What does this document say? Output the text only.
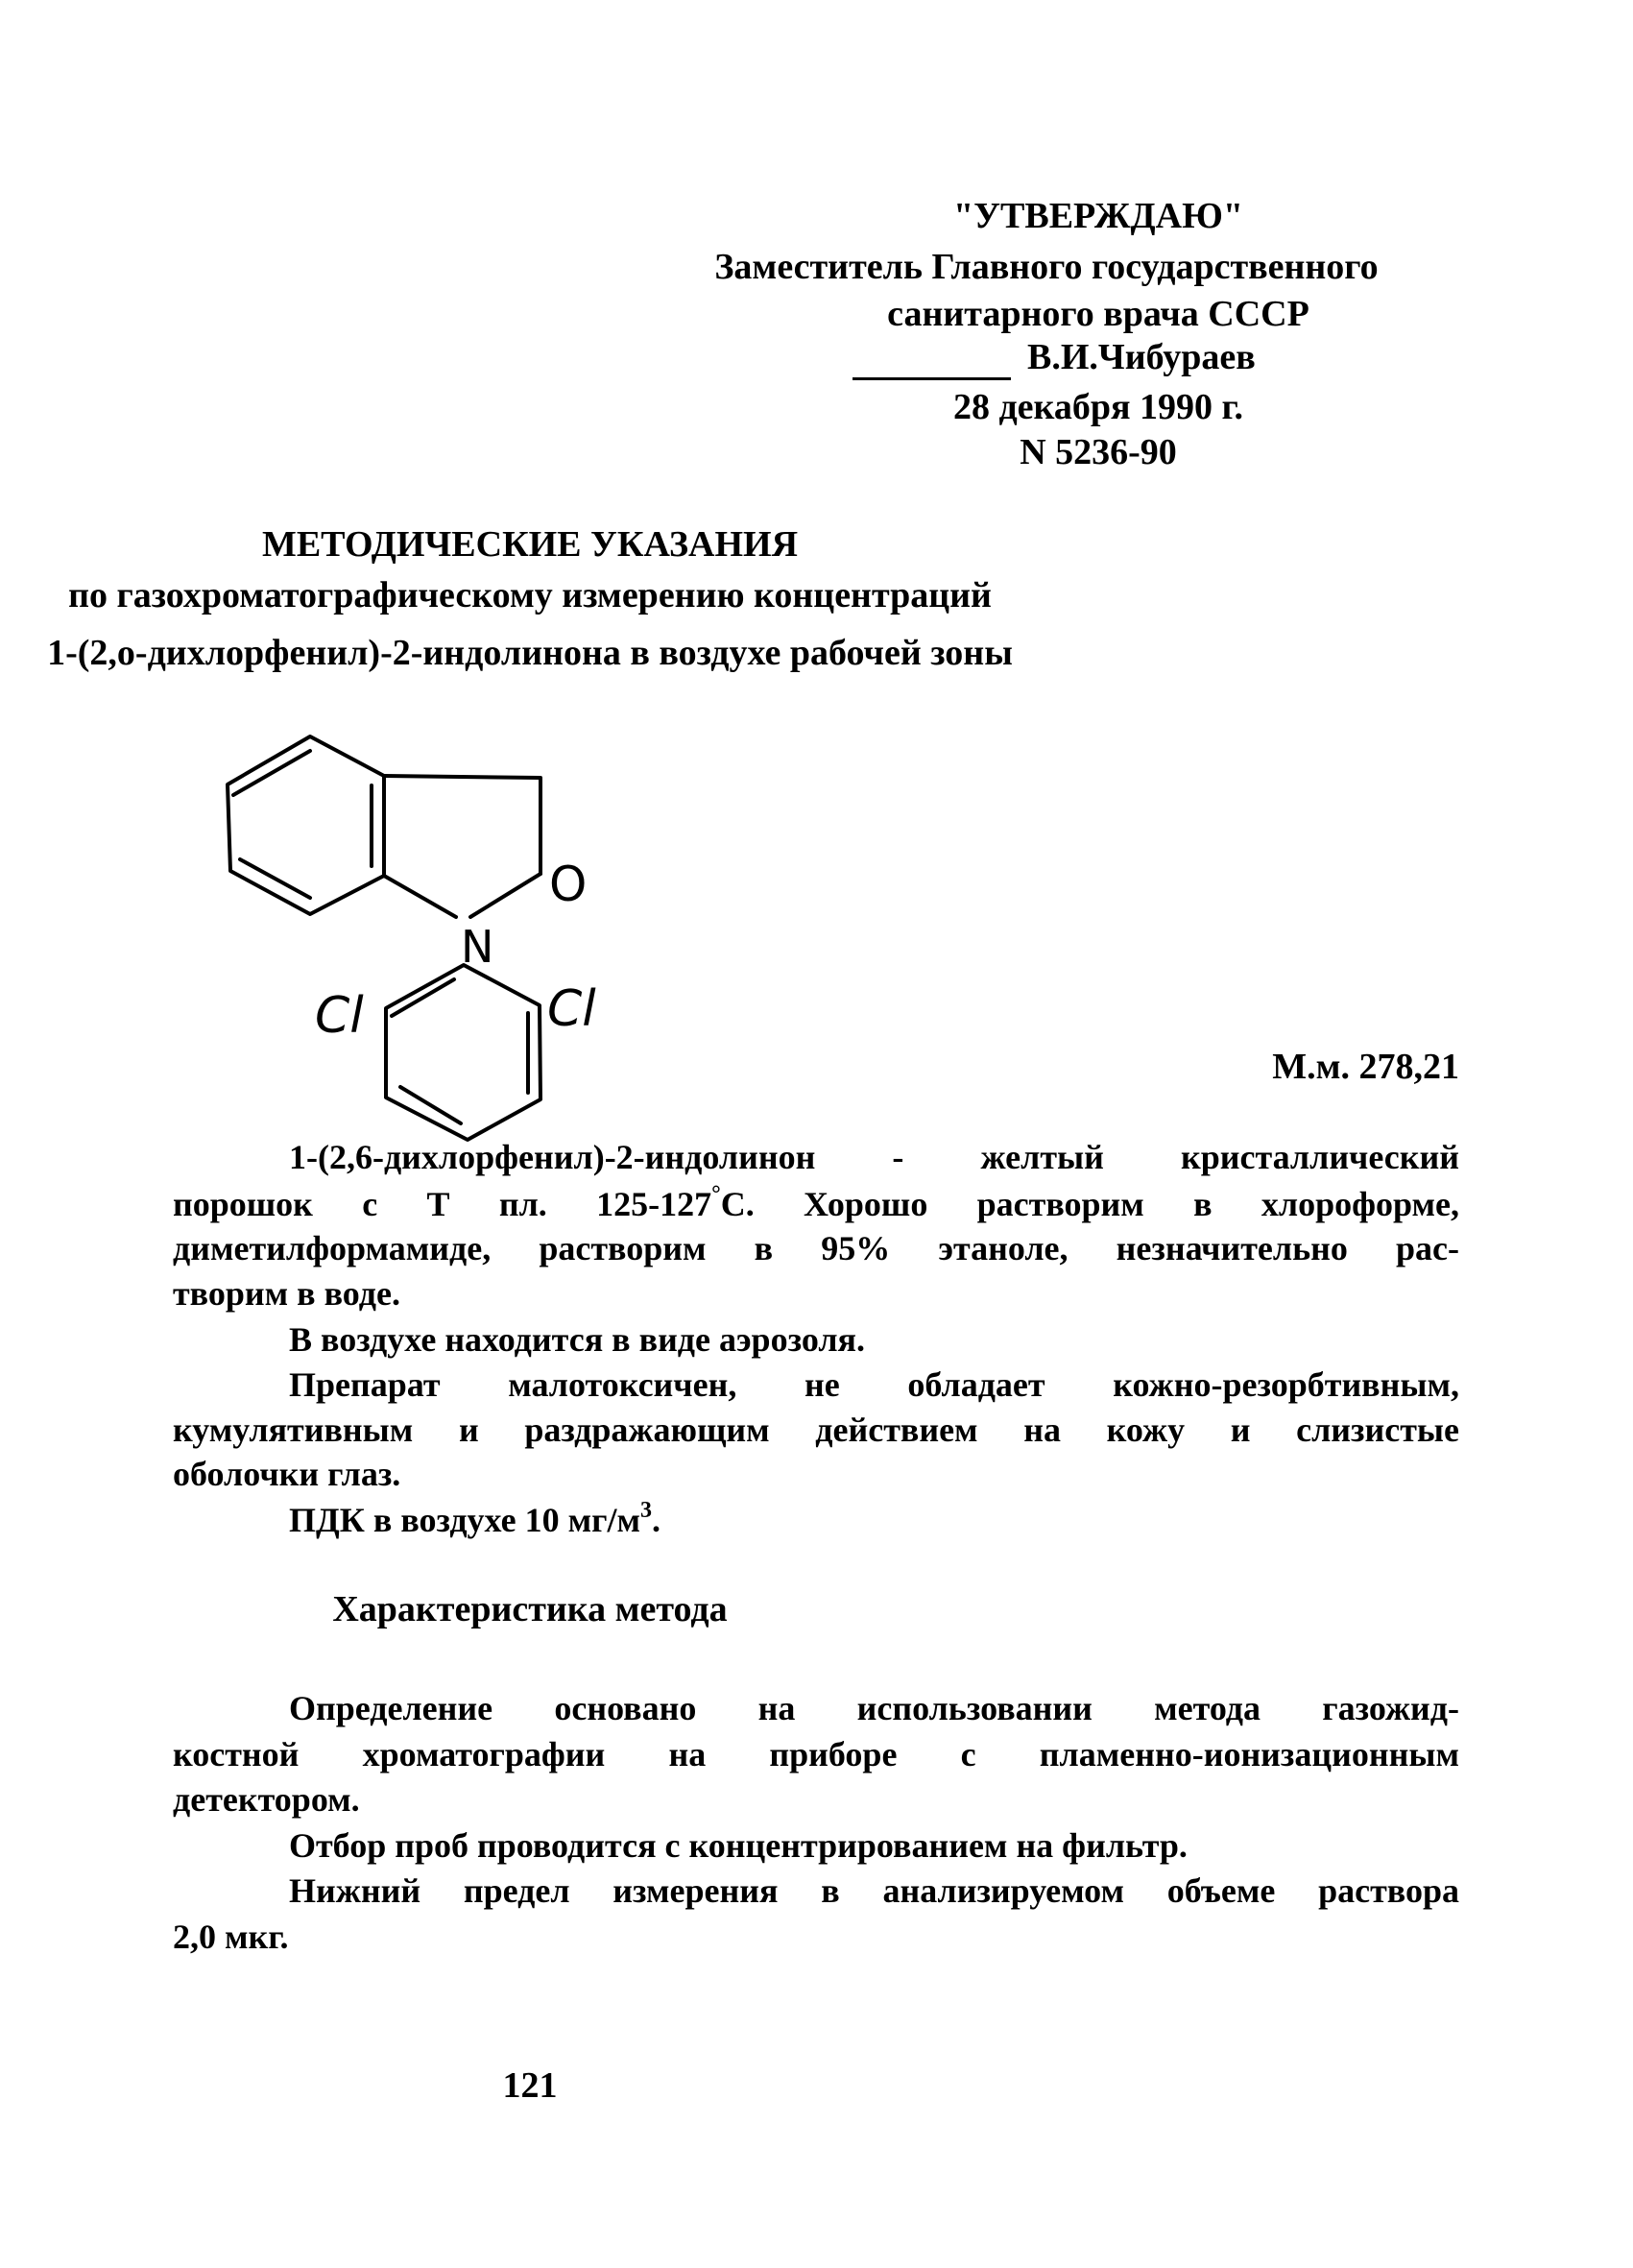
"УТВЕРЖДАЮ"
Заместитель Главного государственного
санитарного врача СССР
В.И.Чибураев
28 декабря 1990 г.
N 5236-90
МЕТОДИЧЕСКИЕ УКАЗАНИЯ
по газохроматографическому измерению концентраций
1-(2,о-дихлорфенил)-2-индолинона в воздухе рабочей зоны
O
N
Cl	Cl
М.м. 278,21
1-(2,6-дихлорфенил)-2-индолинон - желтый кристаллический
порошок с Т пл. 125-127°С. Хорошо растворим в хлороформе,
диметилформамиде, растворим в 95% этаноле, незначительно рас-
творим в воде.
В воздухе находится в виде аэрозоля.
Препарат малотоксичен, не обладает кожно-резорбтивным,
кумулятивным и раздражающим действием на кожу и слизистые
оболочки глаз.
ПДК в воздухе 10 $мг/м^3$.
Характеристика метода
Определение основано на использовании метода газожид-
костной хроматографии на приборе с пламенно-ионизационным
детектором.
Отбор проб проводится с концентрированием на фильтр.
Нижний предел измерения в анализируемом объеме раствора
2,0 мкг.
121
